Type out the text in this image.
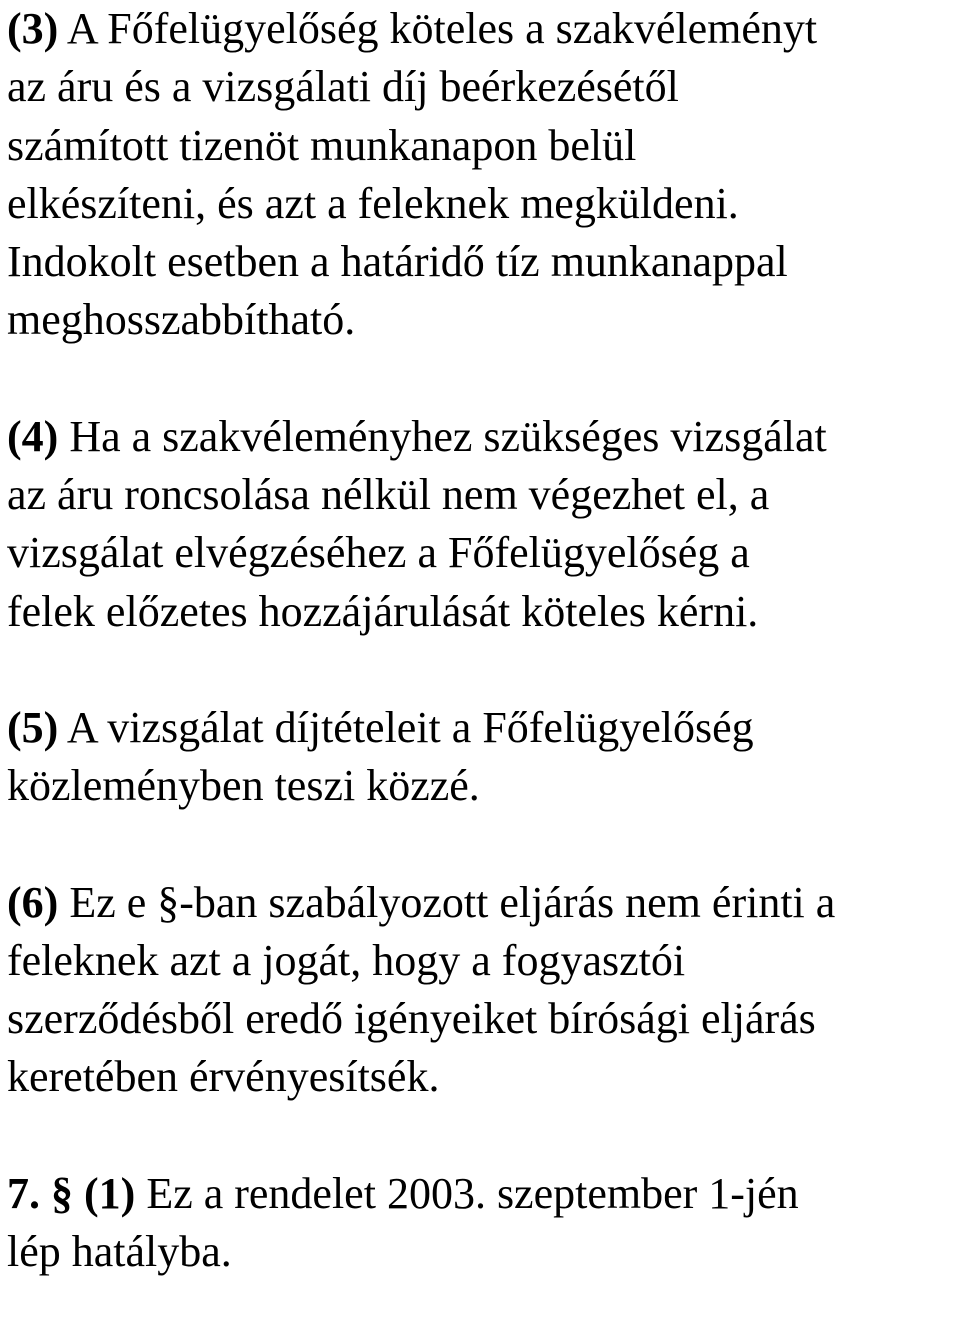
(3) A Főfelügyelőség köteles a szakvéleményt
az áru és a vizsgálati díj beérkezésétől
számított tizenöt munkanapon belül
elkészíteni, és azt a feleknek megküldeni.
Indokolt esetben a határidő tíz munkanappal
meghosszabbítható.
(4) Ha a szakvéleményhez szükséges vizsgálat
az áru roncsolása nélkül nem végezhet el, a
vizsgálat elvégzéséhez a Főfelügyelőség a
felek előzetes hozzájárulását köteles kérni.
(5) A vizsgálat díjtételeit a Főfelügyelőség
közleményben teszi közzé.
(6) Ez e §-ban szabályozott eljárás nem érinti a
feleknek azt a jogát, hogy a fogyasztói
szerződésből eredő igényeiket bírósági eljárás
keretében érvényesítsék.
7. § (1) Ez a rendelet 2003. szeptember 1-jén
lép hatályba.
